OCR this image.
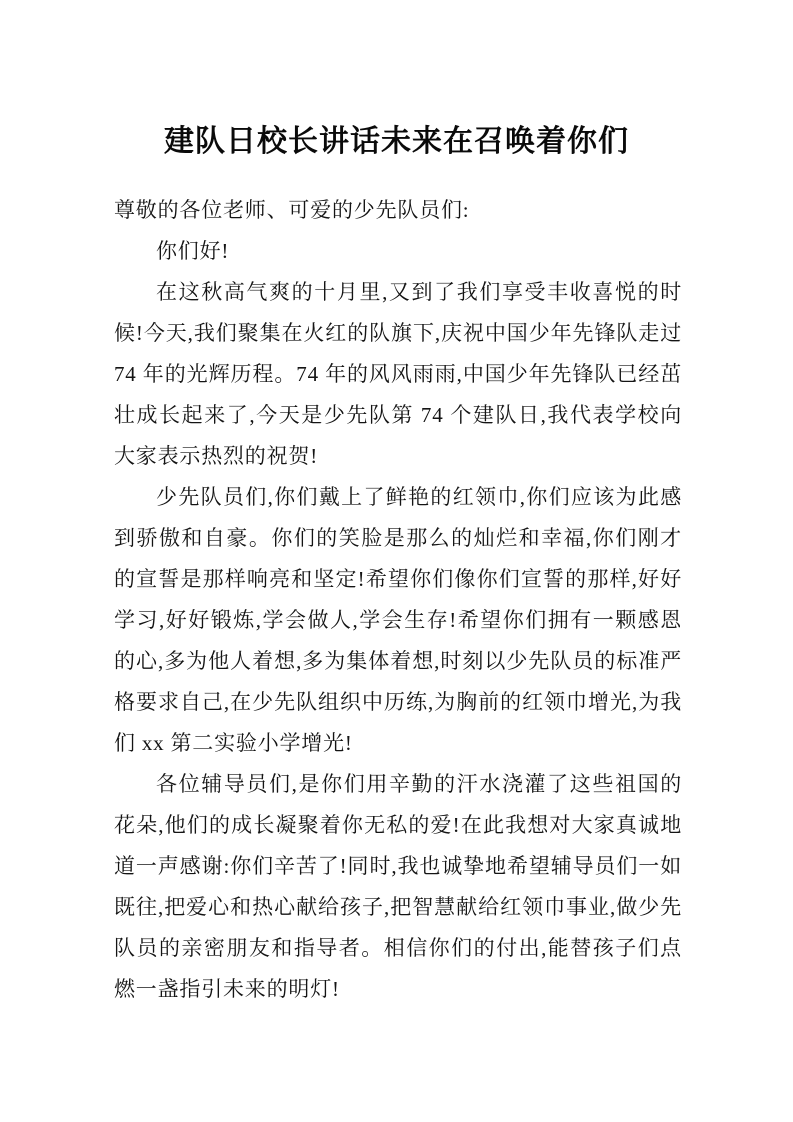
建队日校长讲话未来在召唤着你们

尊敬的各位老师、可爱的少先队员们:

你们好!

在这秋高气爽的十月里,又到了我们享受丰收喜悦的时候!今天,我们聚集在火红的队旗下,庆祝中国少年先锋队走过 74 年的光辉历程。74 年的风风雨雨,中国少年先锋队已经茁壮成长起来了,今天是少先队第 74 个建队日,我代表学校向大家表示热烈的祝贺!

少先队员们,你们戴上了鲜艳的红领巾,你们应该为此感到骄傲和自豪。你们的笑脸是那么的灿烂和幸福,你们刚才的宣誓是那样响亮和坚定!希望你们像你们宣誓的那样,好好学习,好好锻炼,学会做人,学会生存!希望你们拥有一颗感恩的心,多为他人着想,多为集体着想,时刻以少先队员的标准严格要求自己,在少先队组织中历练,为胸前的红领巾增光,为我们 xx 第二实验小学增光!

各位辅导员们,是你们用辛勤的汗水浇灌了这些祖国的花朵,他们的成长凝聚着你无私的爱!在此我想对大家真诚地道一声感谢:你们辛苦了!同时,我也诚挚地希望辅导员们一如既往,把爱心和热心献给孩子,把智慧献给红领巾事业,做少先队员的亲密朋友和指导者。相信你们的付出,能替孩子们点燃一盏指引未来的明灯!
